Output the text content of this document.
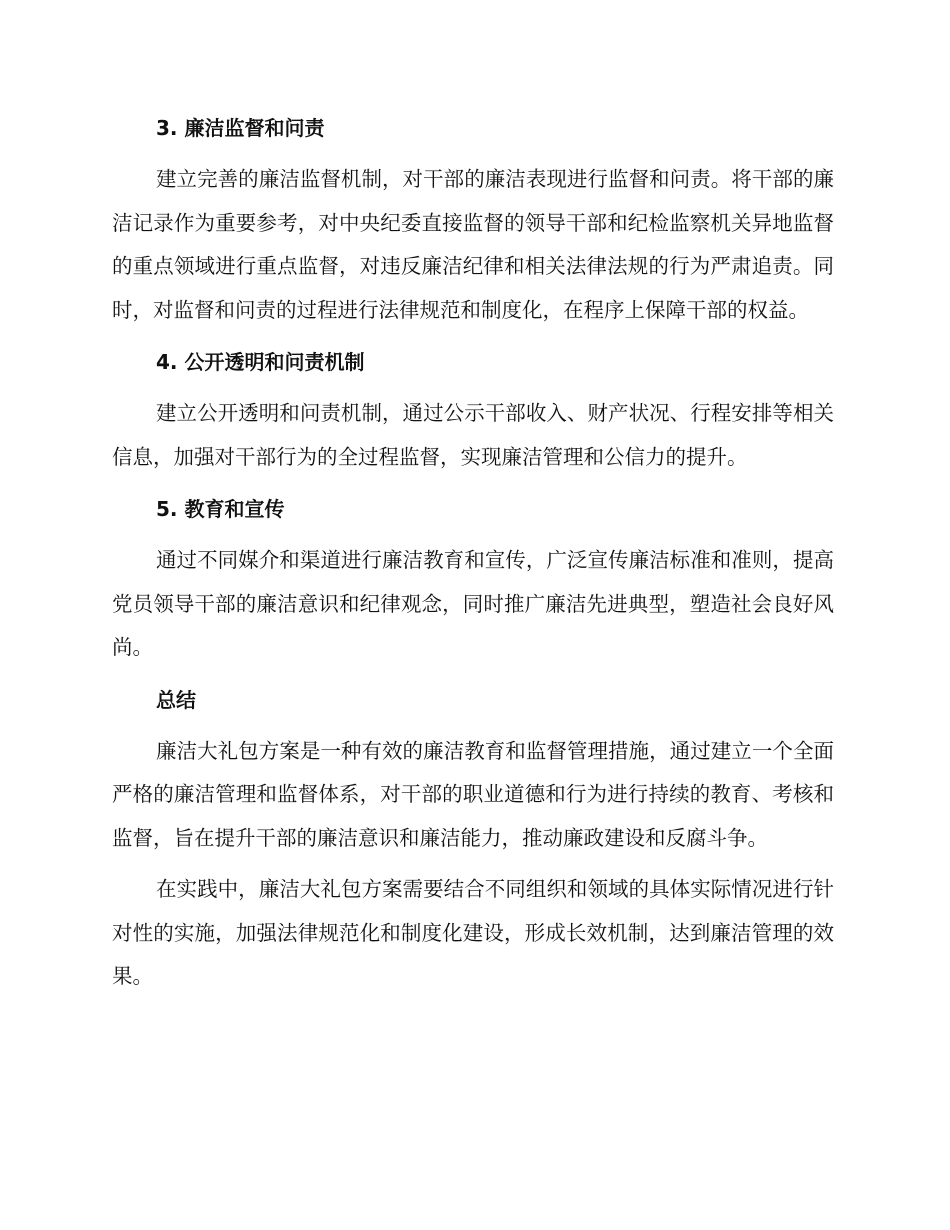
3. 廉洁监督和问责

建立完善的廉洁监督机制，对干部的廉洁表现进行监督和问责。将干部的廉洁记录作为重要参考，对中央纪委直接监督的领导干部和纪检监察机关异地监督的重点领域进行重点监督，对违反廉洁纪律和相关法律法规的行为严肃追责。同时，对监督和问责的过程进行法律规范和制度化，在程序上保障干部的权益。

4. 公开透明和问责机制

建立公开透明和问责机制，通过公示干部收入、财产状况、行程安排等相关信息，加强对干部行为的全过程监督，实现廉洁管理和公信力的提升。

5. 教育和宣传

通过不同媒介和渠道进行廉洁教育和宣传，广泛宣传廉洁标准和准则，提高党员领导干部的廉洁意识和纪律观念，同时推广廉洁先进典型，塑造社会良好风尚。

总结

廉洁大礼包方案是一种有效的廉洁教育和监督管理措施，通过建立一个全面严格的廉洁管理和监督体系，对干部的职业道德和行为进行持续的教育、考核和监督，旨在提升干部的廉洁意识和廉洁能力，推动廉政建设和反腐斗争。

在实践中，廉洁大礼包方案需要结合不同组织和领域的具体实际情况进行针对性的实施，加强法律规范化和制度化建设，形成长效机制，达到廉洁管理的效果。
